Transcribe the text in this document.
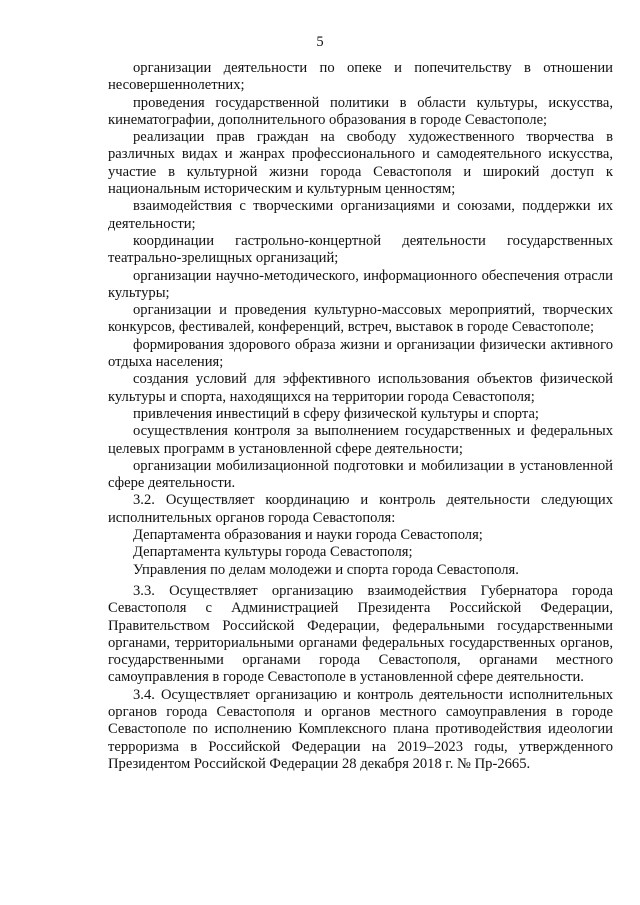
5

организации деятельности по опеке и попечительству в отношении несовершеннолетних;

проведения государственной политики в области культуры, искусства, кинематографии, дополнительного образования в городе Севастополе;

реализации прав граждан на свободу художественного творчества в различных видах и жанрах профессионального и самодеятельного искусства, участие в культурной жизни города Севастополя и широкий доступ к национальным историческим и культурным ценностям;

взаимодействия с творческими организациями и союзами, поддержки их деятельности;

координации гастрольно-концертной деятельности государственных театрально-зрелищных организаций;

организации научно-методического, информационного обеспечения отрасли культуры;

организации и проведения культурно-массовых мероприятий, творческих конкурсов, фестивалей, конференций, встреч, выставок в городе Севастополе;

формирования здорового образа жизни и организации физически активного отдыха населения;

создания условий для эффективного использования объектов физической культуры и спорта, находящихся на территории города Севастополя;

привлечения инвестиций в сферу физической культуры и спорта;

осуществления контроля за выполнением государственных и федеральных целевых программ в установленной сфере деятельности;

организации мобилизационной подготовки и мобилизации в установленной сфере деятельности.

3.2. Осуществляет координацию и контроль деятельности следующих исполнительных органов города Севастополя:

Департамента образования и науки города Севастополя;

Департамента культуры города Севастополя;

Управления по делам молодежи и спорта города Севастополя.

3.3. Осуществляет организацию взаимодействия Губернатора города Севастополя с Администрацией Президента Российской Федерации, Правительством Российской Федерации, федеральными государственными органами, территориальными органами федеральных государственных органов, государственными органами города Севастополя, органами местного самоуправления в городе Севастополе в установленной сфере деятельности.

3.4. Осуществляет организацию и контроль деятельности исполнительных органов города Севастополя и органов местного самоуправления в городе Севастополе по исполнению Комплексного плана противодействия идеологии терроризма в Российской Федерации на 2019–2023 годы, утвержденного Президентом Российской Федерации 28 декабря 2018 г. № Пр-2665.
